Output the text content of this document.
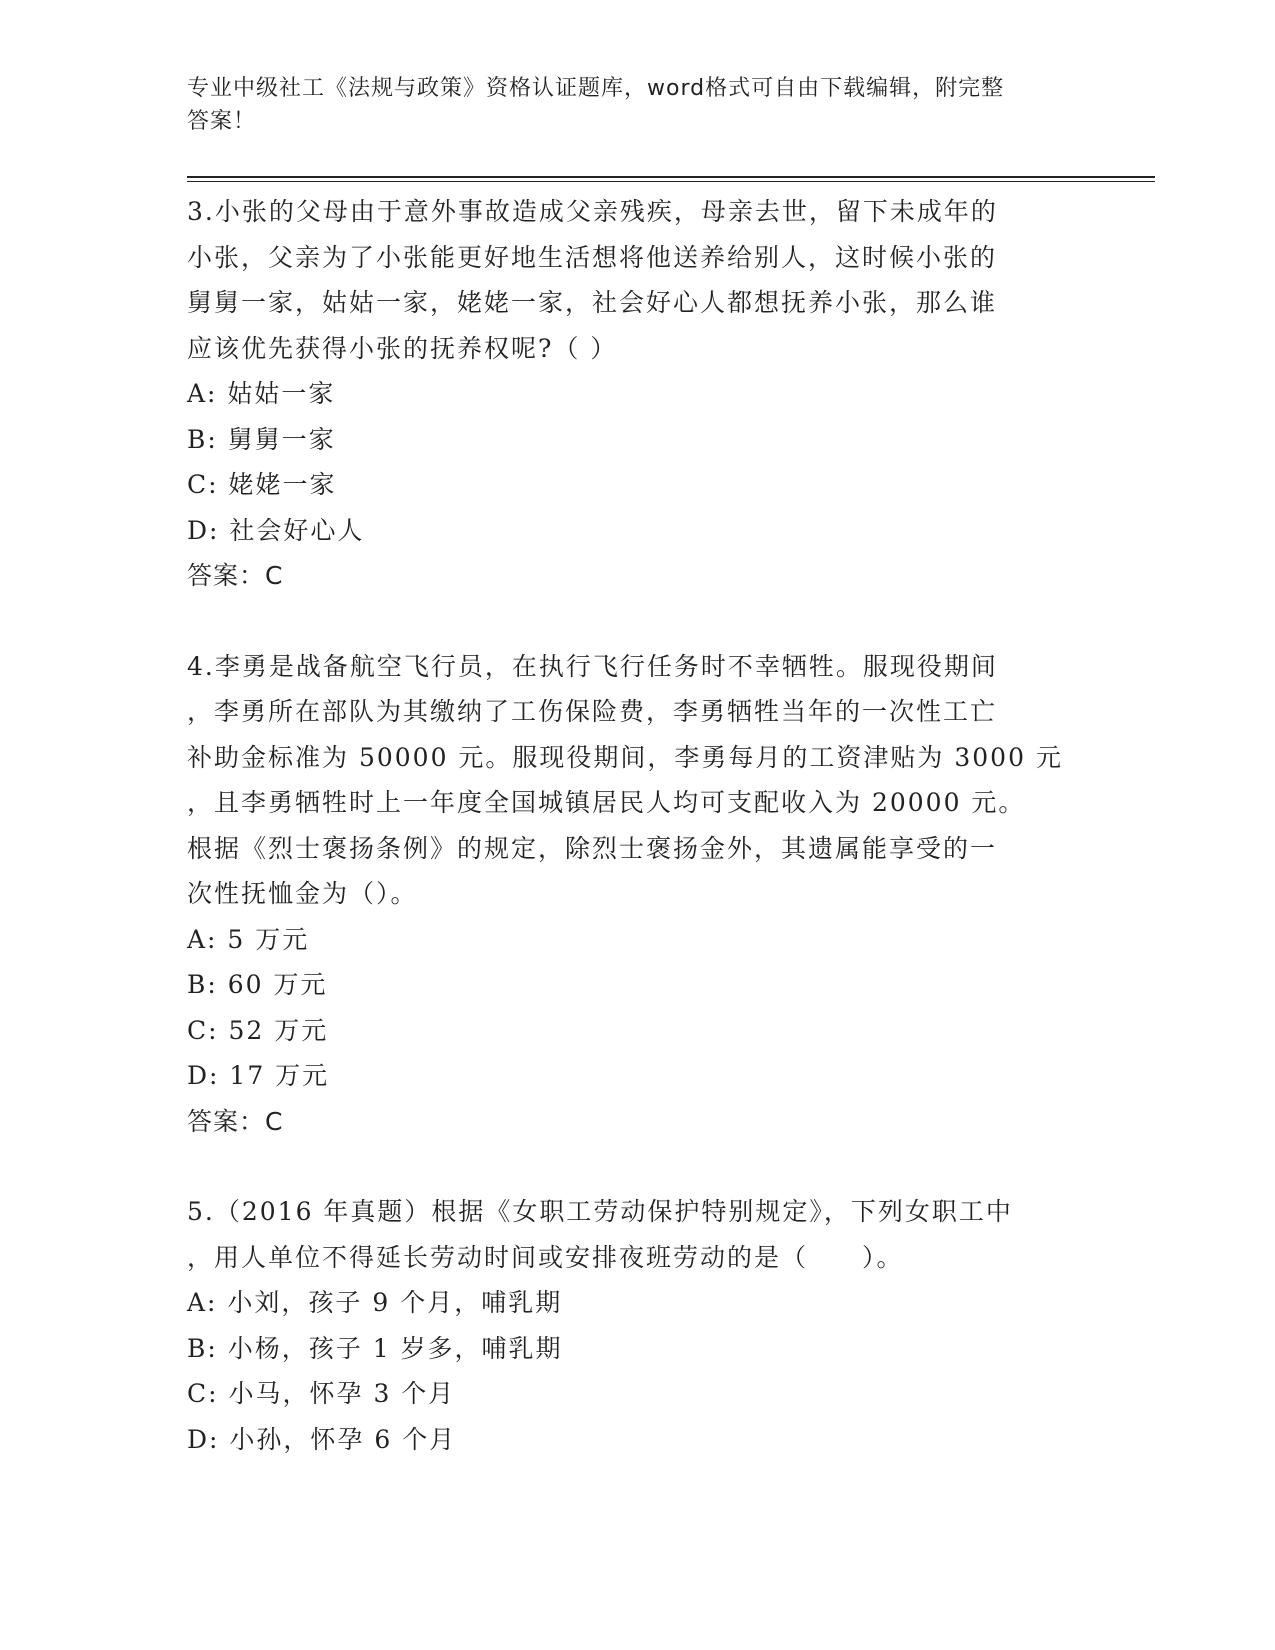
专业中级社工《法规与政策》资格认证题库，word格式可自由下载编辑，附完整
答案！
3.小张的父母由于意外事故造成父亲残疾，母亲去世，留下未成年的
小张，父亲为了小张能更好地生活想将他送养给别人，这时候小张的
舅舅一家，姑姑一家，姥姥一家，社会好心人都想抚养小张，那么谁
应该优先获得小张的抚养权呢?（ ）
A: 姑姑一家
B: 舅舅一家
C: 姥姥一家
D: 社会好心人
答案：C
4.李勇是战备航空飞行员，在执行飞行任务时不幸牺牲。服现役期间
，李勇所在部队为其缴纳了工伤保险费，李勇牺牲当年的一次性工亡
补助金标准为 50000 元。服现役期间，李勇每月的工资津贴为 3000 元
，且李勇牺牲时上一年度全国城镇居民人均可支配收入为 20000 元。
根据《烈士褒扬条例》的规定，除烈士褒扬金外，其遗属能享受的一
次性抚恤金为（）。
A: 5 万元
B: 60 万元
C: 52 万元
D: 17 万元
答案：C
5.（2016 年真题）根据《女职工劳动保护特别规定》，下列女职工中
，用人单位不得延长劳动时间或安排夜班劳动的是（　　）。
A: 小刘，孩子 9 个月，哺乳期
B: 小杨，孩子 1 岁多，哺乳期
C: 小马，怀孕 3 个月
D: 小孙，怀孕 6 个月
